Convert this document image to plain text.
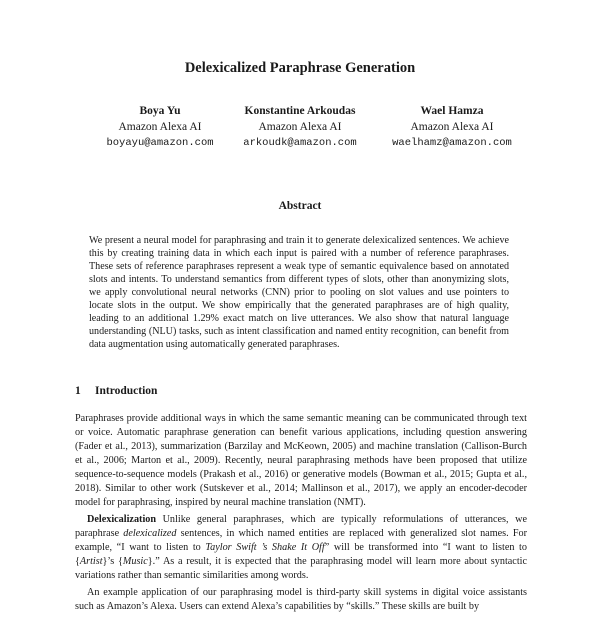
Delexicalized Paraphrase Generation
Boya Yu
Amazon Alexa AI
boyayu@amazon.com
Konstantine Arkoudas
Amazon Alexa AI
arkoudk@amazon.com
Wael Hamza
Amazon Alexa AI
waelhamz@amazon.com
Abstract

We present a neural model for paraphrasing and train it to generate delexicalized sentences. We achieve this by creating training data in which each input is paired with a number of reference paraphrases. These sets of reference paraphrases represent a weak type of semantic equivalence based on annotated slots and intents. To understand semantics from different types of slots, other than anonymizing slots, we apply convolutional neural networks (CNN) prior to pooling on slot values and use pointers to locate slots in the output. We show empirically that the generated paraphrases are of high quality, leading to an additional 1.29% exact match on live utterances. We also show that natural language understanding (NLU) tasks, such as intent classification and named entity recognition, can benefit from data augmentation using automatically generated paraphrases.

1 Introduction

Paraphrases provide additional ways in which the same semantic meaning can be communicated through text or voice. Automatic paraphrase generation can benefit various applications, including question answering (Fader et al., 2013), summarization (Barzilay and McKeown, 2005) and machine translation (Callison-Burch et al., 2006; Marton et al., 2009). Recently, neural paraphrasing methods have been proposed that utilize sequence-to-sequence models (Prakash et al., 2016) or generative models (Bowman et al., 2015; Gupta et al., 2018). Similar to other work (Sutskever et al., 2014; Mallinson et al., 2017), we apply an encoder-decoder model for paraphrasing, inspired by neural machine translation (NMT).

Delexicalization Unlike general paraphrases, which are typically reformulations of utterances, we paraphrase delexicalized sentences, in which named entities are replaced with generalized slot names. For example, “I want to listen to Taylor Swift ’s Shake It Off” will be transformed into “I want to listen to {Artist}’s {Music}.” As a result, it is expected that the paraphrasing model will learn more about syntactic variations rather than semantic similarities among words.

An example application of our paraphrasing model is third-party skill systems in digital voice assistants such as Amazon’s Alexa. Users can extend Alexa’s capabilities by “skills.” These skills are built by
